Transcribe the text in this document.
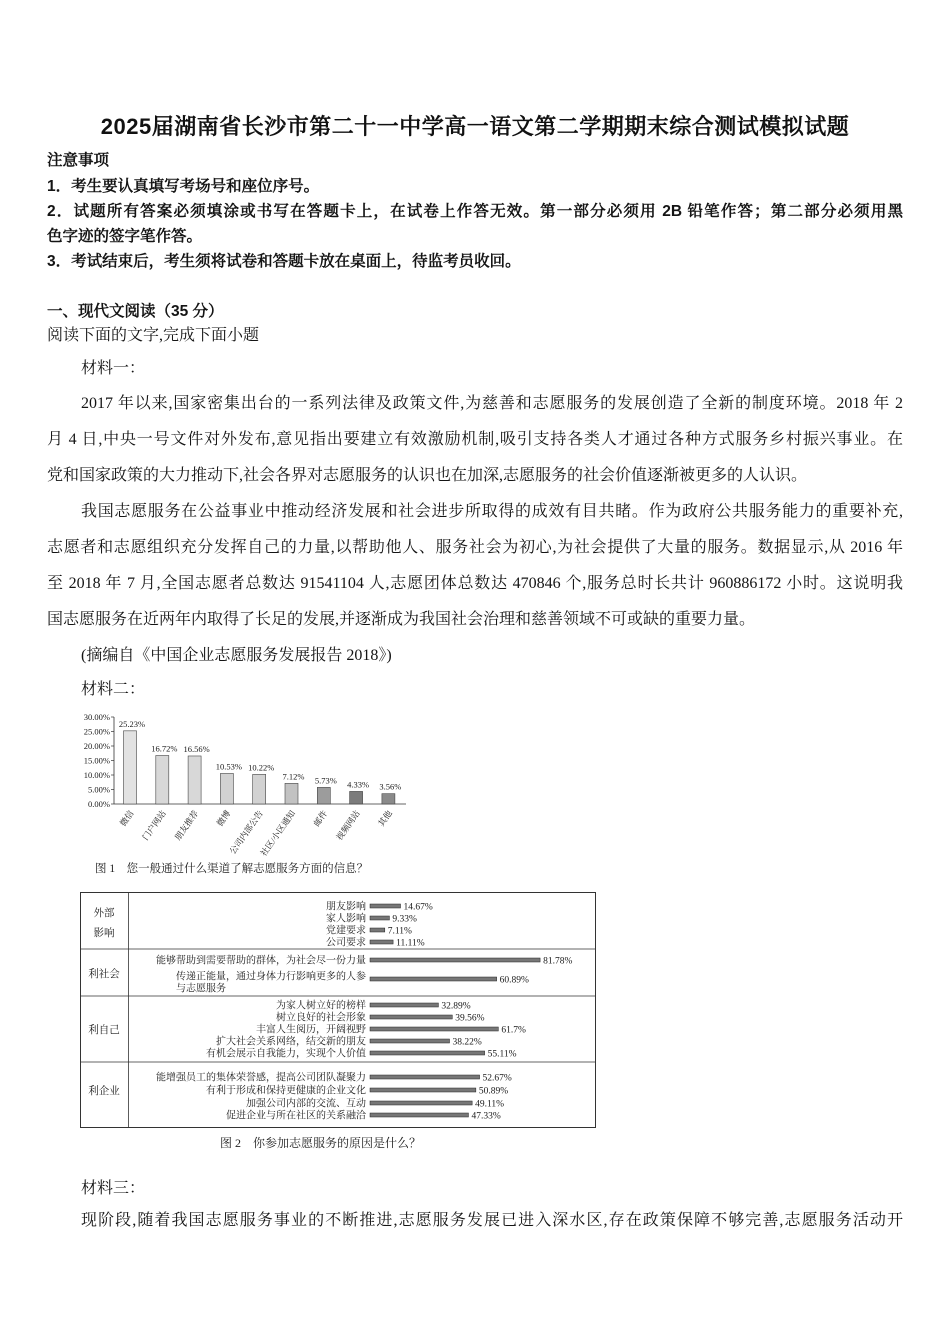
2025届湖南省长沙市第二十一中学高一语文第二学期期末综合测试模拟试题
注意事项
1．考生要认真填写考场号和座位序号。
2．试题所有答案必须填涂或书写在答题卡上，在试卷上作答无效。第一部分必须用 2B 铅笔作答；第二部分必须用黑
色字迹的签字笔作答。
3．考试结束后，考生须将试卷和答题卡放在桌面上，待监考员收回。
一、现代文阅读（35 分）
阅读下面的文字,完成下面小题
材料一：
2017 年以来,国家密集出台的一系列法律及政策文件,为慈善和志愿服务的发展创造了全新的制度环境。2018 年 2
月 4 日,中央一号文件对外发布,意见指出要建立有效激励机制,吸引支持各类人才通过各种方式服务乡村振兴事业。在
党和国家政策的大力推动下,社会各界对志愿服务的认识也在加深,志愿服务的社会价值逐渐被更多的人认识。
我国志愿服务在公益事业中推动经济发展和社会进步所取得的成效有目共睹。作为政府公共服务能力的重要补充,
志愿者和志愿组织充分发挥自己的力量,以帮助他人、服务社会为初心,为社会提供了大量的服务。数据显示,从 2016 年
至 2018 年 7 月,全国志愿者总数达 91541104 人,志愿团体总数达 470846 个,服务总时长共计 960886172 小时。这说明我
国志愿服务在近两年内取得了长足的发展,并逐渐成为我国社会治理和慈善领域不可或缺的重要力量。
(摘编自《中国企业志愿服务发展报告 2018》)
材料二：
0.00%
5.00%
10.00%
15.00%
20.00%
25.00%
30.00%
25.23%
微信
16.72%
门户网站
16.56%
朋友推荐
10.53%
微博
10.22%
公司内部公告
7.12%
社区/小区通知
5.73%
邮件
4.33%
视频网站
3.56%
其他
图 1　您一般通过什么渠道了解志愿服务方面的信息？
外部
影响
朋友影响	14.67%
家人影响	9.33%
党建要求 7.11%
公司要求	11.11%
利社会
能够帮助到需要帮助的群体，为社会尽一份力量	81.78%
传递正能量，通过身体力行影响更多的人参
与志愿服务
60.89%
利自己
为家人树立好的榜样	32.89%
树立良好的社会形象	39.56%
丰富人生阅历，开阔视野	61.7%
扩大社会关系网络，结交新的朋友	38.22%
有机会展示自我能力，实现个人价值	55.11%
利企业
能增强员工的集体荣誉感，提高公司团队凝聚力	52.67%
有利于形成和保持更健康的企业文化	50.89%
加强公司内部的交流、互动	49.11%
促进企业与所在社区的关系融洽	47.33%
图 2　你参加志愿服务的原因是什么？
材料三：
现阶段,随着我国志愿服务事业的不断推进,志愿服务发展已进入深水区,存在政策保障不够完善,志愿服务活动开
